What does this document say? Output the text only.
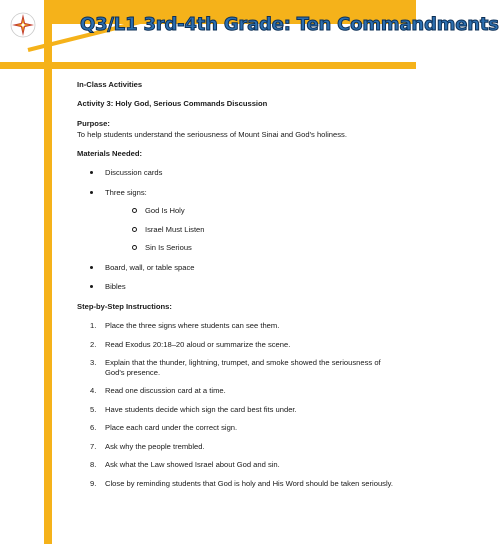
Q3/L1 3rd-4th Grade: Ten Commandments
In-Class Activities
Activity 3: Holy God, Serious Commands Discussion
Purpose:
To help students understand the seriousness of Mount Sinai and God's holiness.
Materials Needed:
Discussion cards
Three signs:
God Is Holy
Israel Must Listen
Sin Is Serious
Board, wall, or table space
Bibles
Step-by-Step Instructions:
1. Place the three signs where students can see them.
2. Read Exodus 20:18–20 aloud or summarize the scene.
3. Explain that the thunder, lightning, trumpet, and smoke showed the seriousness of God's presence.
4. Read one discussion card at a time.
5. Have students decide which sign the card best fits under.
6. Place each card under the correct sign.
7. Ask why the people trembled.
8. Ask what the Law showed Israel about God and sin.
9. Close by reminding students that God is holy and His Word should be taken seriously.
